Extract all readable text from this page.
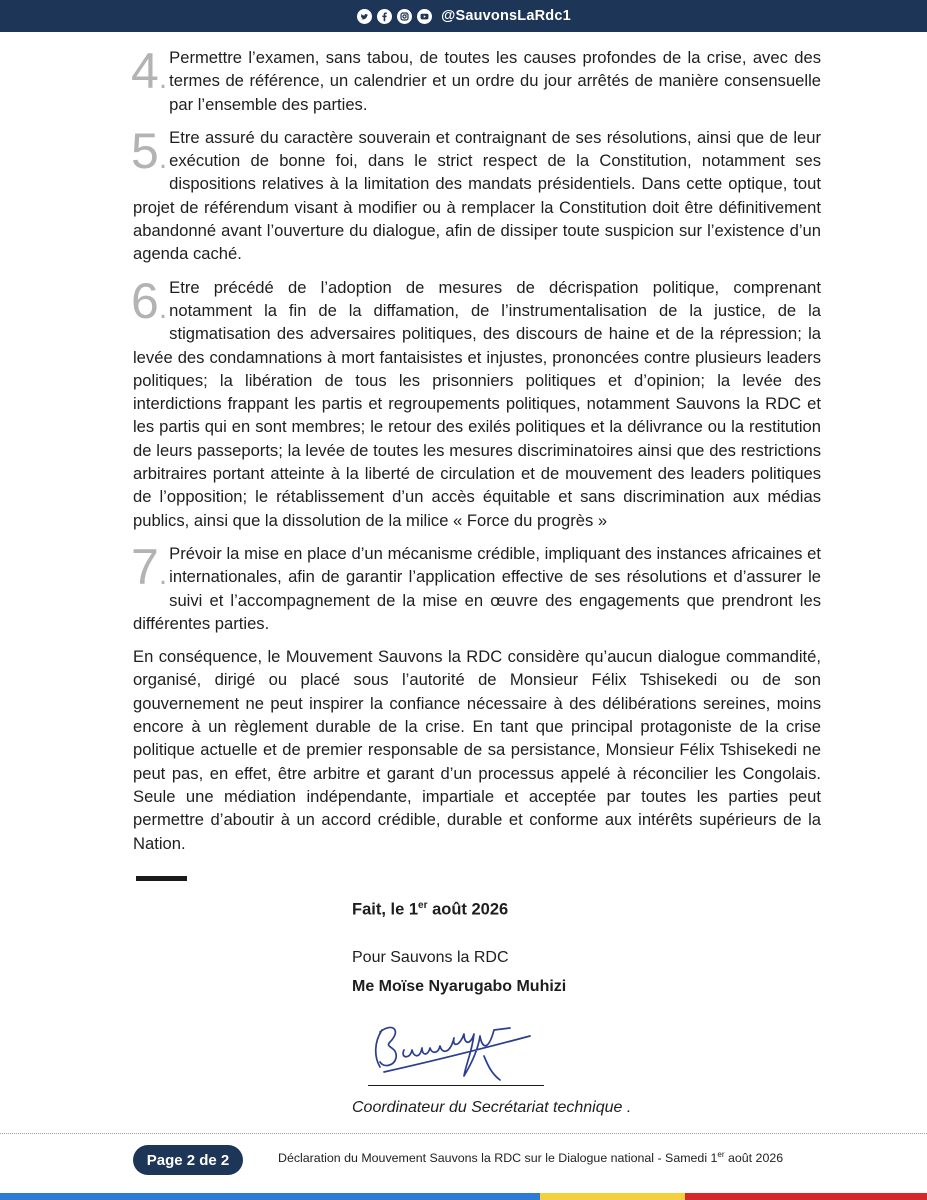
@SauvonsLaRdc1
4.
Permettre l’examen, sans tabou, de toutes les causes profondes de la crise, avec des termes de référence, un calendrier et un ordre du jour arrêtés de manière consensuelle par l’ensemble des parties.
5.
Etre assuré du caractère souverain et contraignant de ses résolutions, ainsi que de leur exécution de bonne foi, dans le strict respect de la Constitution, notamment ses dispositions relatives à la limitation des mandats présidentiels. Dans cette optique, tout projet de référendum visant à modifier ou à remplacer la Constitution doit être définitivement abandonné avant l’ouverture du dialogue, afin de dissiper toute suspicion sur l’existence d’un agenda caché.
6.
Etre précédé de l’adoption de mesures de décrispation politique, comprenant notamment la fin de la diffamation, de l’instrumentalisation de la justice, de la stigmatisation des adversaires politiques, des discours de haine et de la répression; la levée des condamnations à mort fantaisistes et injustes, prononcées contre plusieurs leaders politiques; la libération de tous les prisonniers politiques et d’opinion; la levée des interdictions frappant les partis et regroupements politiques, notamment Sauvons la RDC et les partis qui en sont membres; le retour des exilés politiques et la délivrance ou la restitution de leurs passeports; la levée de toutes les mesures discriminatoires ainsi que des restrictions arbitraires portant atteinte à la liberté de circulation et de mouvement des leaders politiques de l’opposition; le rétablissement d’un accès équitable et sans discrimination aux médias publics, ainsi que la dissolution de la milice « Force du progrès »
7.
Prévoir la mise en place d’un mécanisme crédible, impliquant des instances africaines et internationales, afin de garantir l’application effective de ses résolutions et d’assurer le suivi et l’accompagnement de la mise en œuvre des engagements que prendront les différentes parties.
En conséquence, le Mouvement Sauvons la RDC considère qu’aucun dialogue commandité, organisé, dirigé ou placé sous l’autorité de Monsieur Félix Tshisekedi ou de son gouvernement ne peut inspirer la confiance nécessaire à des délibérations sereines, moins encore à un règlement durable de la crise. En tant que principal protagoniste de la crise politique actuelle et de premier responsable de sa persistance, Monsieur Félix Tshisekedi ne peut pas, en effet, être arbitre et garant d’un processus appelé à réconcilier les Congolais. Seule une médiation indépendante, impartiale et acceptée par toutes les parties peut permettre d’aboutir à un accord crédible, durable et conforme aux intérêts supérieurs de la Nation.
Fait, le 1er août 2026
Pour Sauvons la RDC
Me Moïse Nyarugabo Muhizi
Coordinateur du Secrétariat technique .
Page 2 de 2	Déclaration du Mouvement Sauvons la RDC sur le Dialogue national - Samedi 1er août 2026
